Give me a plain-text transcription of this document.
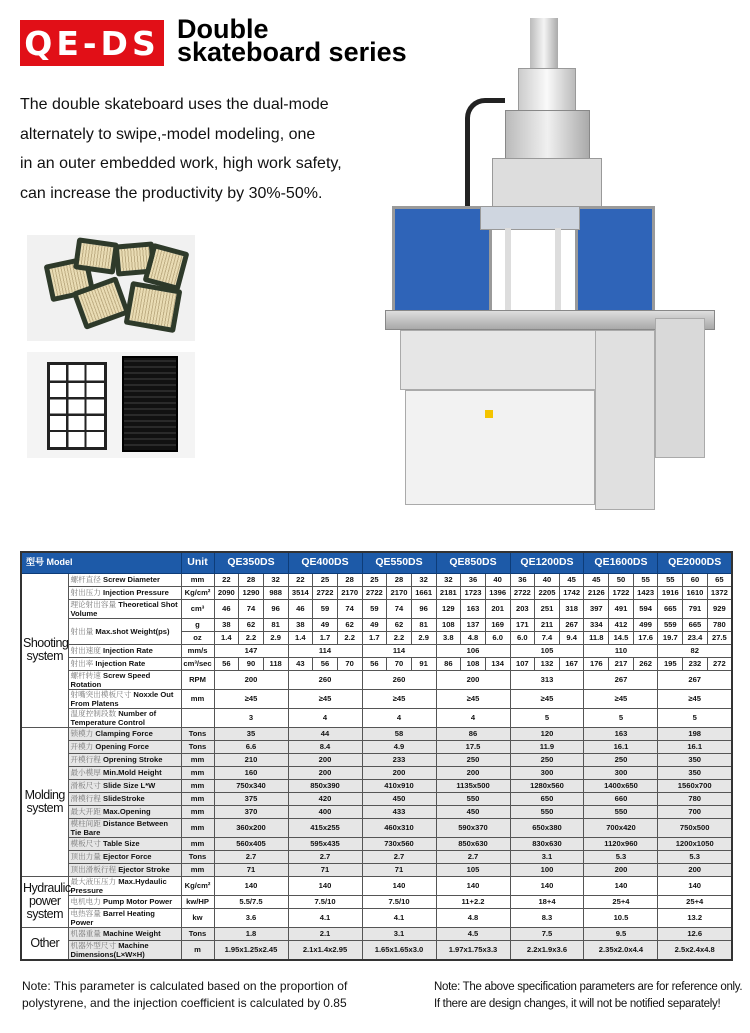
QE-DS Double
skateboard series
The double skateboard uses the dual-mode
alternately to swipe,-model modeling, one
in an outer embedded work, high work safety,
can increase the productivity by 30%-50%.
型号 Model		Unit	QE350DS			QE400DS			QE550DS			QE850DS			QE1200DS			QE1600DS			QE2000DS		
Shooting system	螺杆直径 Screw Diameter	mm	22	28	32	22	25	28	25	28	32	32	36	40	36	40	45	45	50	55	55	60	65
	射出压力 Injection Pressure	Kg/cm²	2090	1290	988	3514	2722	2170	2722	2170	1661	2181	1723	1396	2722	2205	1742	2126	1722	1423	1916	1610	1372
	理论射出容量 Theoretical Shot Volume	cm³	46	74	96	46	59	74	59	74	96	129	163	201	203	251	318	397	491	594	665	791	929
	射出量 Max.shot Weight(ps)	g	38	62	81	38	49	62	49	62	81	108	137	169	171	211	267	334	412	499	559	665	780
		oz	1.4	2.2	2.9	1.4	1.7	2.2	1.7	2.2	2.9	3.8	4.8	6.0	6.0	7.4	9.4	11.8	14.5	17.6	19.7	23.4	27.5
	射出速度 Injection Rate	mm/s	147			114			114			106			105			110			82		
	射出率 Injection Rate	cm³/sec	56	90	118	43	56	70	56	70	91	86	108	134	107	132	167	176	217	262	195	232	272
	螺杆转速 Screw Speed Rotation	RPM	200			260			260			200			313			267			267		
	射嘴突出模板尺寸 Noxxle Out From Platens	mm	≥45			≥45			≥45			≥45			≥45			≥45			≥45		
	温度控制段数 Number of Temperature Control		3			4			4			4			5			5			5		
Molding system	锁模力 Clamping Force	Tons	35			44			58			86			120			163			198		
	开模力 Opening Force	Tons	6.6			8.4			4.9			17.5			11.9			16.1			16.1		
	开模行程 Oprening Stroke	mm	210			200			233			250			250			250			350		
	最小模厚 Min.Mold Height	mm	160			200			200			200			300			300			350		
	滑板尺寸 Slide Size L*W	mm	750x340			850x390			410x910			1135x500			1280x560			1400x650			1560x700		
	滑模行程 SlideStroke	mm	375			420			450			550			650			660			780		
	最大开距 Max.Opening	mm	370			400			433			450			550			550			700		
	模柱间距 Distance Between Tie Bare	mm	360x200			415x255			460x310			590x370			650x380			700x420			750x500		
	模板尺寸 Table Size	mm	560x405			595x435			730x560			850x630			830x630			1120x960			1200x1050		
	顶出力量 Ejector Force	Tons	2.7			2.7			2.7			2.7			3.1			5.3			5.3		
	顶出滑板行程 Ejector Stroke	mm	71			71			71			105			100			200			200		
Hydraulic power system	最大液压压力 Max.Hydaulic Pressure	Kg/cm²	140			140			140			140			140			140			140		
	电机电力 Pump Motor Power	kw/HP	5.5/7.5			7.5/10			7.5/10			11+2.2			18+4			25+4			25+4		
	电热容量 Barrel Heating Power	kw	3.6			4.1			4.1			4.8			8.3			10.5			13.2		
Other	机器重量 Machine Weight	Tons	1.8			2.1			3.1			4.5			7.5			9.5			12.6		
	机器外型尺寸 Machine Dimensions(L×W×H)	m	1.95x1.25x2.45			2.1x1.4x2.95			1.65x1.65x3.0			1.97x1.75x3.3			2.2x1.9x3.6			2.35x2.0x4.4			2.5x2.4x4.8		
Note: This parameter is calculated based on the proportion of
polystyrene, and the injection coefficient is calculated by 0.85
Note: The above specification parameters are for reference only.
If there are design changes, it will not be notified separately!
